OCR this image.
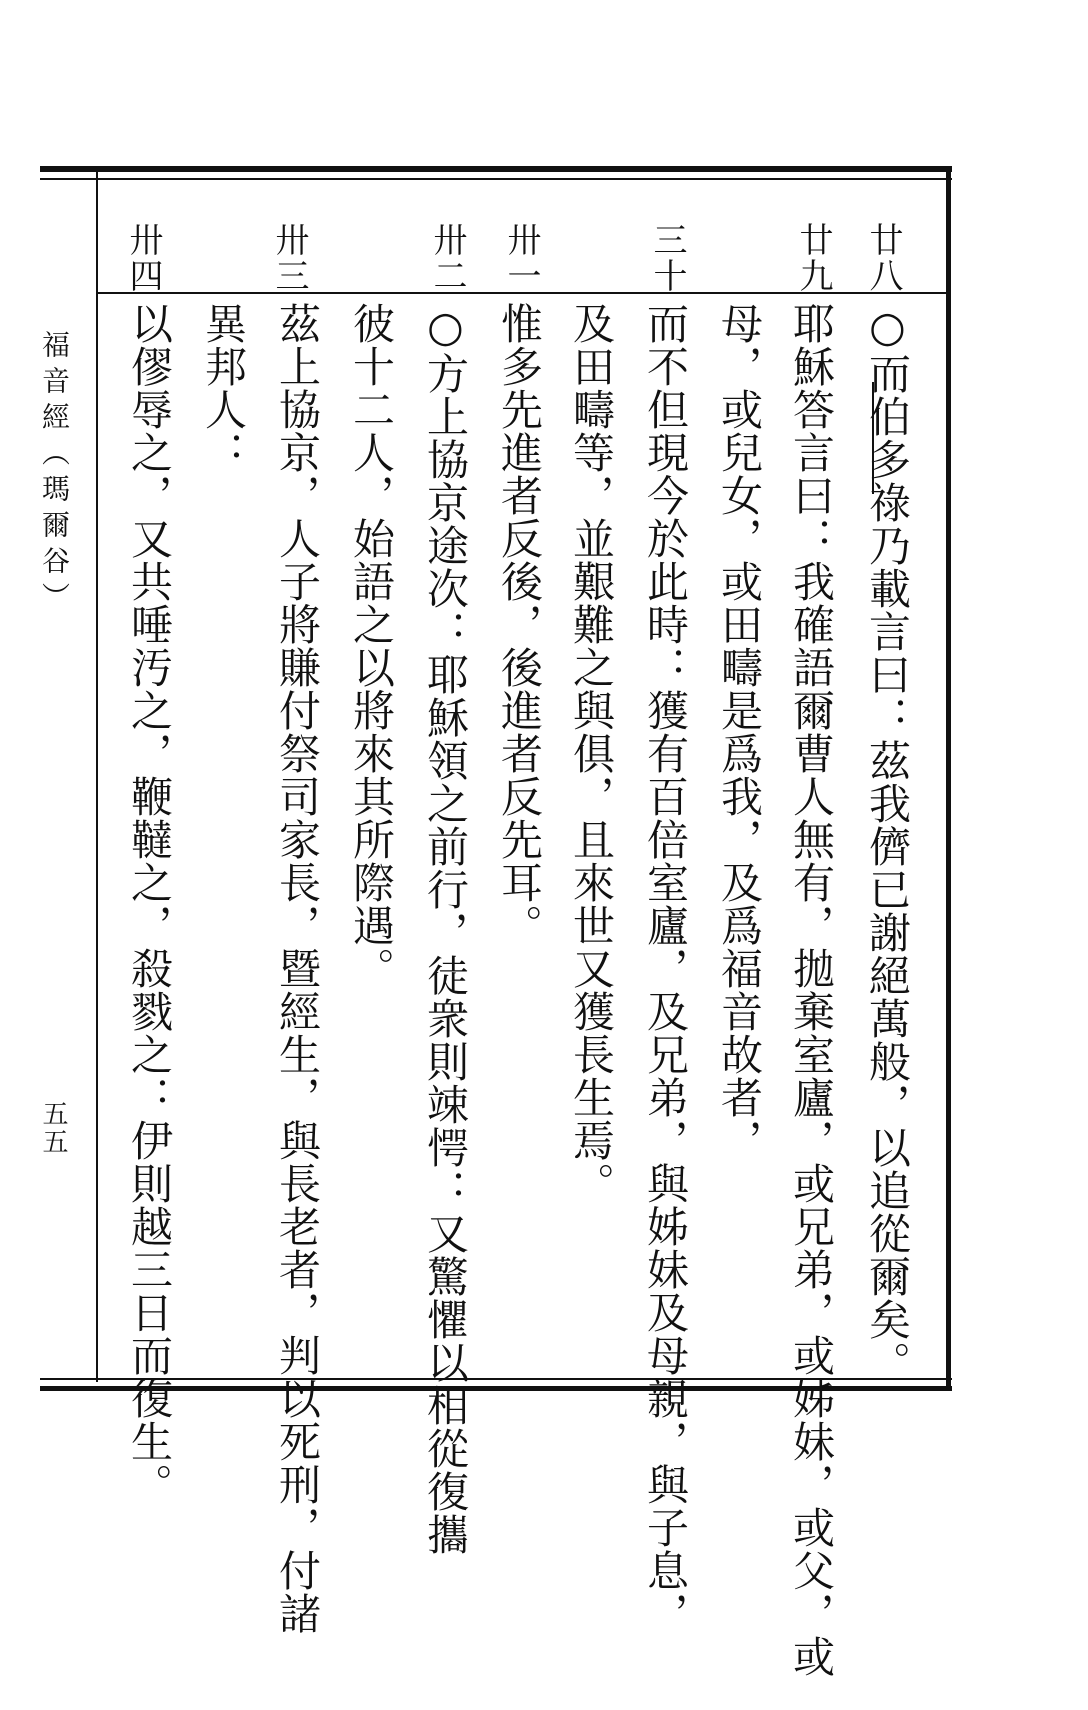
福音經（瑪爾谷）
五五
廿八
廿九
三十
卅一
卅二
卅三
卅四
○而伯多祿乃載言曰：茲我儕已謝絕萬般，以追從爾矣。
耶穌答言曰：我確語爾曹人無有，拋棄室廬，或兄弟，或姊妹，或父，或
母，或兒女，或田疇是爲我，及爲福音故者，
而不但現今於此時：獲有百倍室廬，及兄弟，與姊妹及母親，與子息，
及田疇等，並艱難之與俱，且來世又獲長生焉。
惟多先進者反後，後進者反先耳。
○方上協京途次：耶穌領之前行，徒衆則竦愕：又驚懼以相從復攜
彼十二人，始語之以將來其所際遇。
茲上協京，人子將賺付祭司家長，暨經生，與長老者，判以死刑，付諸
異邦人：
以僇辱之，又共唾汚之，鞭韃之，殺戮之：伊則越三日而復生。
